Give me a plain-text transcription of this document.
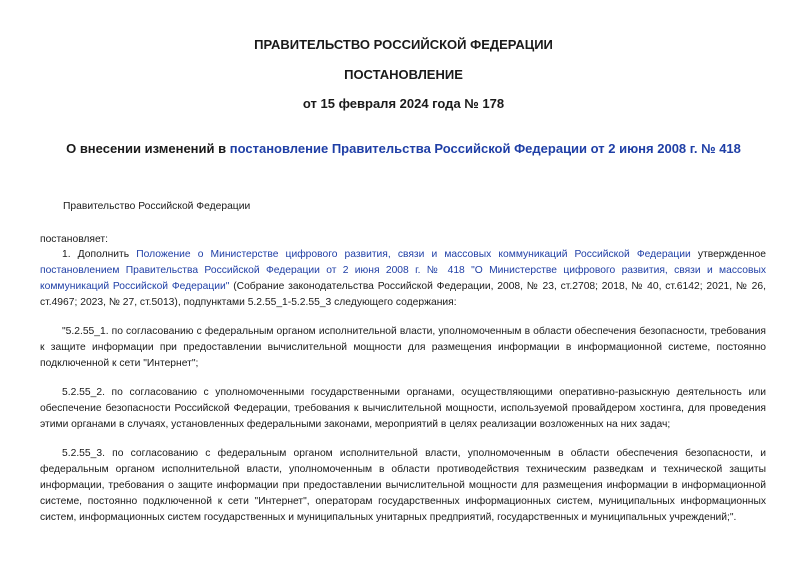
ПРАВИТЕЛЬСТВО РОССИЙСКОЙ ФЕДЕРАЦИИ
ПОСТАНОВЛЕНИЕ
от 15 февраля 2024 года № 178
О внесении изменений в постановление Правительства Российской Федерации от 2 июня 2008 г. № 418
Правительство Российской Федерации
постановляет:
1. Дополнить Положение о Министерстве цифрового развития, связи и массовых коммуникаций Российской Федерации утвержденное постановлением Правительства Российской Федерации от 2 июня 2008 г. № 418 "О Министерстве цифрового развития, связи и массовых коммуникаций Российской Федерации" (Собрание законодательства Российской Федерации, 2008, № 23, ст.2708; 2018, № 40, ст.6142; 2021, № 26, ст.4967; 2023, № 27, ст.5013), подпунктами 5.2.55_1-5.2.55_3 следующего содержания:
"5.2.55_1. по согласованию с федеральным органом исполнительной власти, уполномоченным в области обеспечения безопасности, требования к защите информации при предоставлении вычислительной мощности для размещения информации в информационной системе, постоянно подключенной к сети "Интернет";
5.2.55_2. по согласованию с уполномоченными государственными органами, осуществляющими оперативно-разыскную деятельность или обеспечение безопасности Российской Федерации, требования к вычислительной мощности, используемой провайдером хостинга, для проведения этими органами в случаях, установленных федеральными законами, мероприятий в целях реализации возложенных на них задач;
5.2.55_3. по согласованию с федеральным органом исполнительной власти, уполномоченным в области обеспечения безопасности, и федеральным органом исполнительной власти, уполномоченным в области противодействия техническим разведкам и технической защиты информации, требования о защите информации при предоставлении вычислительной мощности для размещения информации в информационной системе, постоянно подключенной к сети "Интернет", операторам государственных информационных систем, муниципальных информационных систем, информационных систем государственных и муниципальных унитарных предприятий, государственных и муниципальных учреждений;".
